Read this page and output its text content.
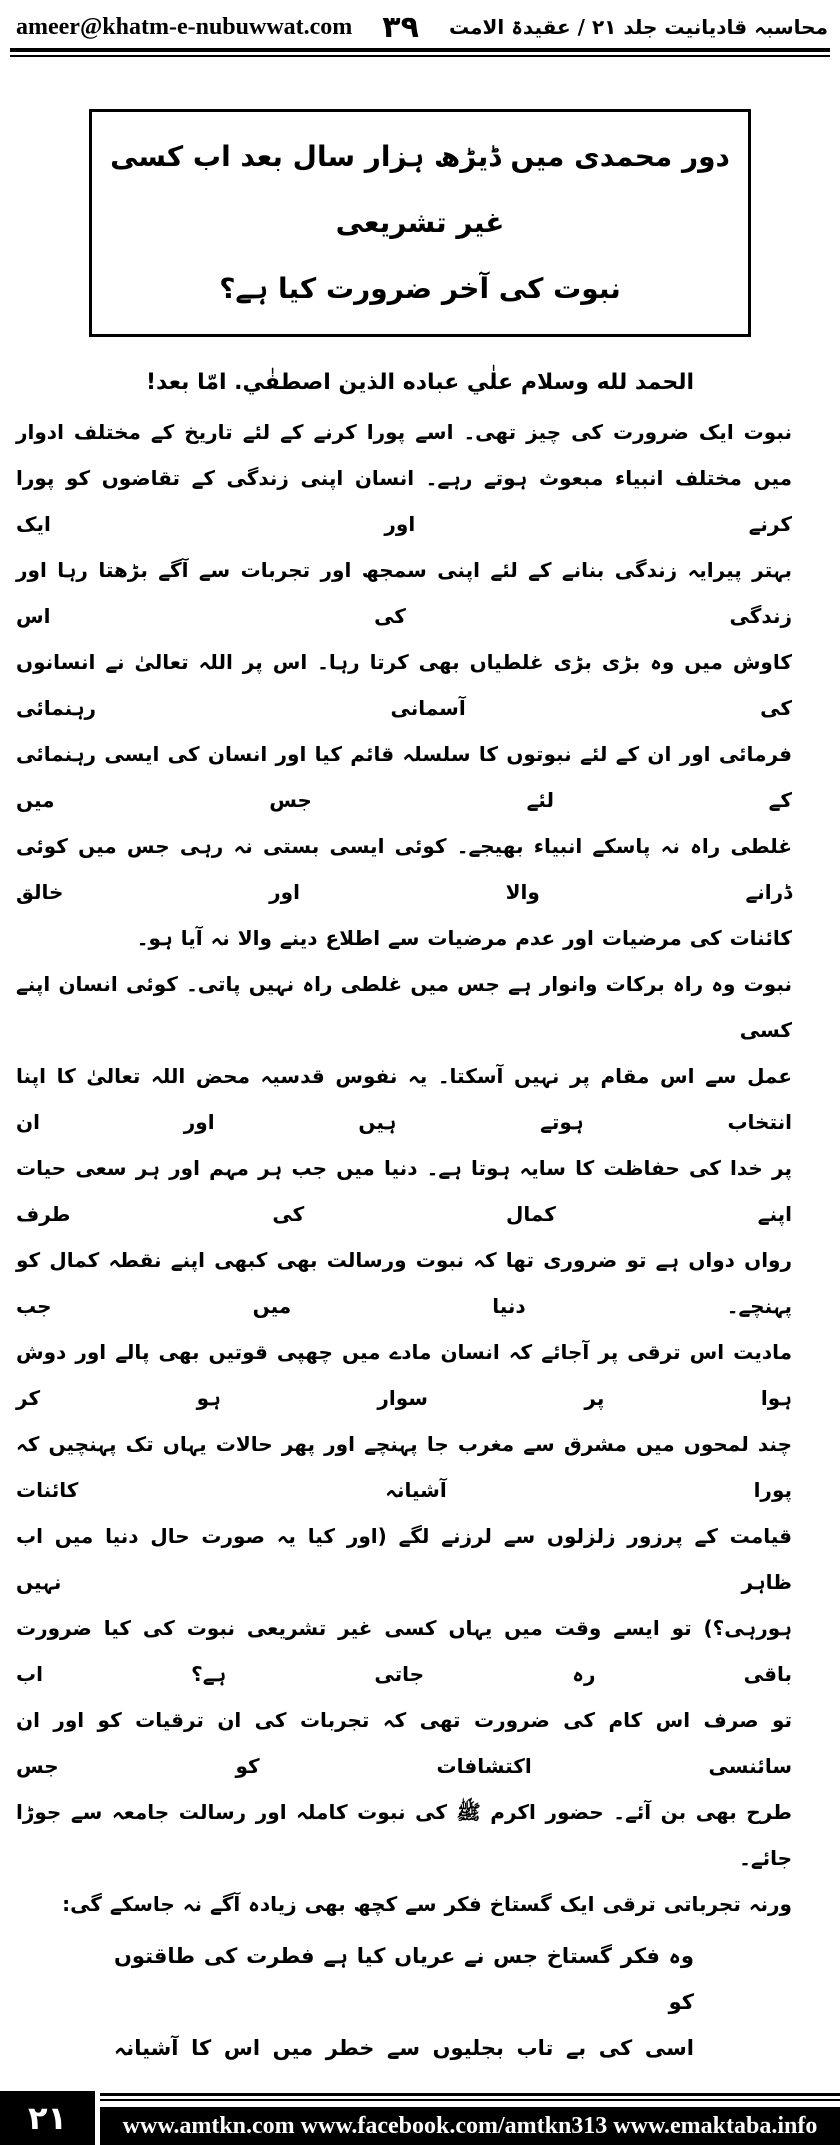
ameer@khatm-e-nubuwwat.com ۳۹ محاسبہ قادیانیت جلد ۲۱ / عقیدۃ الامت
دور محمدی میں ڈیڑھ ہزار سال بعد اب کسی غیر تشریعی
نبوت کی آخر ضرورت کیا ہے؟
الحمد لله وسلام علٰي عباده الذين اصطفٰي. امّا بعد!
نبوت ایک ضرورت کی چیز تھی۔ اسے پورا کرنے کے لئے تاریخ کے مختلف ادوار
میں مختلف انبیاء مبعوث ہوتے رہے۔ انسان اپنی زندگی کے تقاضوں کو پورا کرنے اور ایک
بہتر پیرایہ زندگی بنانے کے لئے اپنی سمجھ اور تجربات سے آگے بڑھتا رہا اور زندگی کی اس
کاوش میں وہ بڑی بڑی غلطیاں بھی کرتا رہا۔ اس پر اللہ تعالیٰ نے انسانوں کی آسمانی رہنمائی
فرمائی اور ان کے لئے نبوتوں کا سلسلہ قائم کیا اور انسان کی ایسی رہنمائی کے لئے جس میں
غلطی راہ نہ پاسکے انبیاء بھیجے۔ کوئی ایسی بستی نہ رہی جس میں کوئی ڈرانے والا اور خالق
کائنات کی مرضیات اور عدم مرضیات سے اطلاع دینے والا نہ آیا ہو۔
نبوت وہ راہ برکات وانوار ہے جس میں غلطی راہ نہیں پاتی۔ کوئی انسان اپنے کسی
عمل سے اس مقام پر نہیں آسکتا۔ یہ نفوس قدسیہ محض اللہ تعالیٰ کا اپنا انتخاب ہوتے ہیں اور ان
پر خدا کی حفاظت کا سایہ ہوتا ہے۔ دنیا میں جب ہر مہم اور ہر سعی حیات اپنے کمال کی طرف
رواں دواں ہے تو ضروری تھا کہ نبوت ورسالت بھی کبھی اپنے نقطہ کمال کو پہنچے۔ دنیا میں جب
مادیت اس ترقی پر آجائے کہ انسان مادے میں چھپی قوتیں بھی پالے اور دوش ہوا پر سوار ہو کر
چند لمحوں میں مشرق سے مغرب جا پہنچے اور پھر حالات یہاں تک پہنچیں کہ پورا آشیانہ کائنات
قیامت کے پرزور زلزلوں سے لرزنے لگے (اور کیا یہ صورت حال دنیا میں اب ظاہر نہیں
ہورہی؟) تو ایسے وقت میں یہاں کسی غیر تشریعی نبوت کی کیا ضرورت باقی رہ جاتی ہے؟ اب
تو صرف اس کام کی ضرورت تھی کہ تجربات کی ان ترقیات کو اور ان سائنسی اکتشافات کو جس
طرح بھی بن آئے۔ حضور اکرم ﷺ کی نبوت کاملہ اور رسالت جامعہ سے جوڑا جائے۔
ورنہ تجرباتی ترقی ایک گستاخ فکر سے کچھ بھی زیادہ آگے نہ جاسکے گی:
وہ فکر گستاخ جس نے عریاں کیا ہے فطرت کی طاقتوں کو
اسی کی بے تاب بجلیوں سے خطر میں اس کا آشیانہ
۲۱	www.amtkn.com www.facebook.com/amtkn313 www.emaktaba.info
